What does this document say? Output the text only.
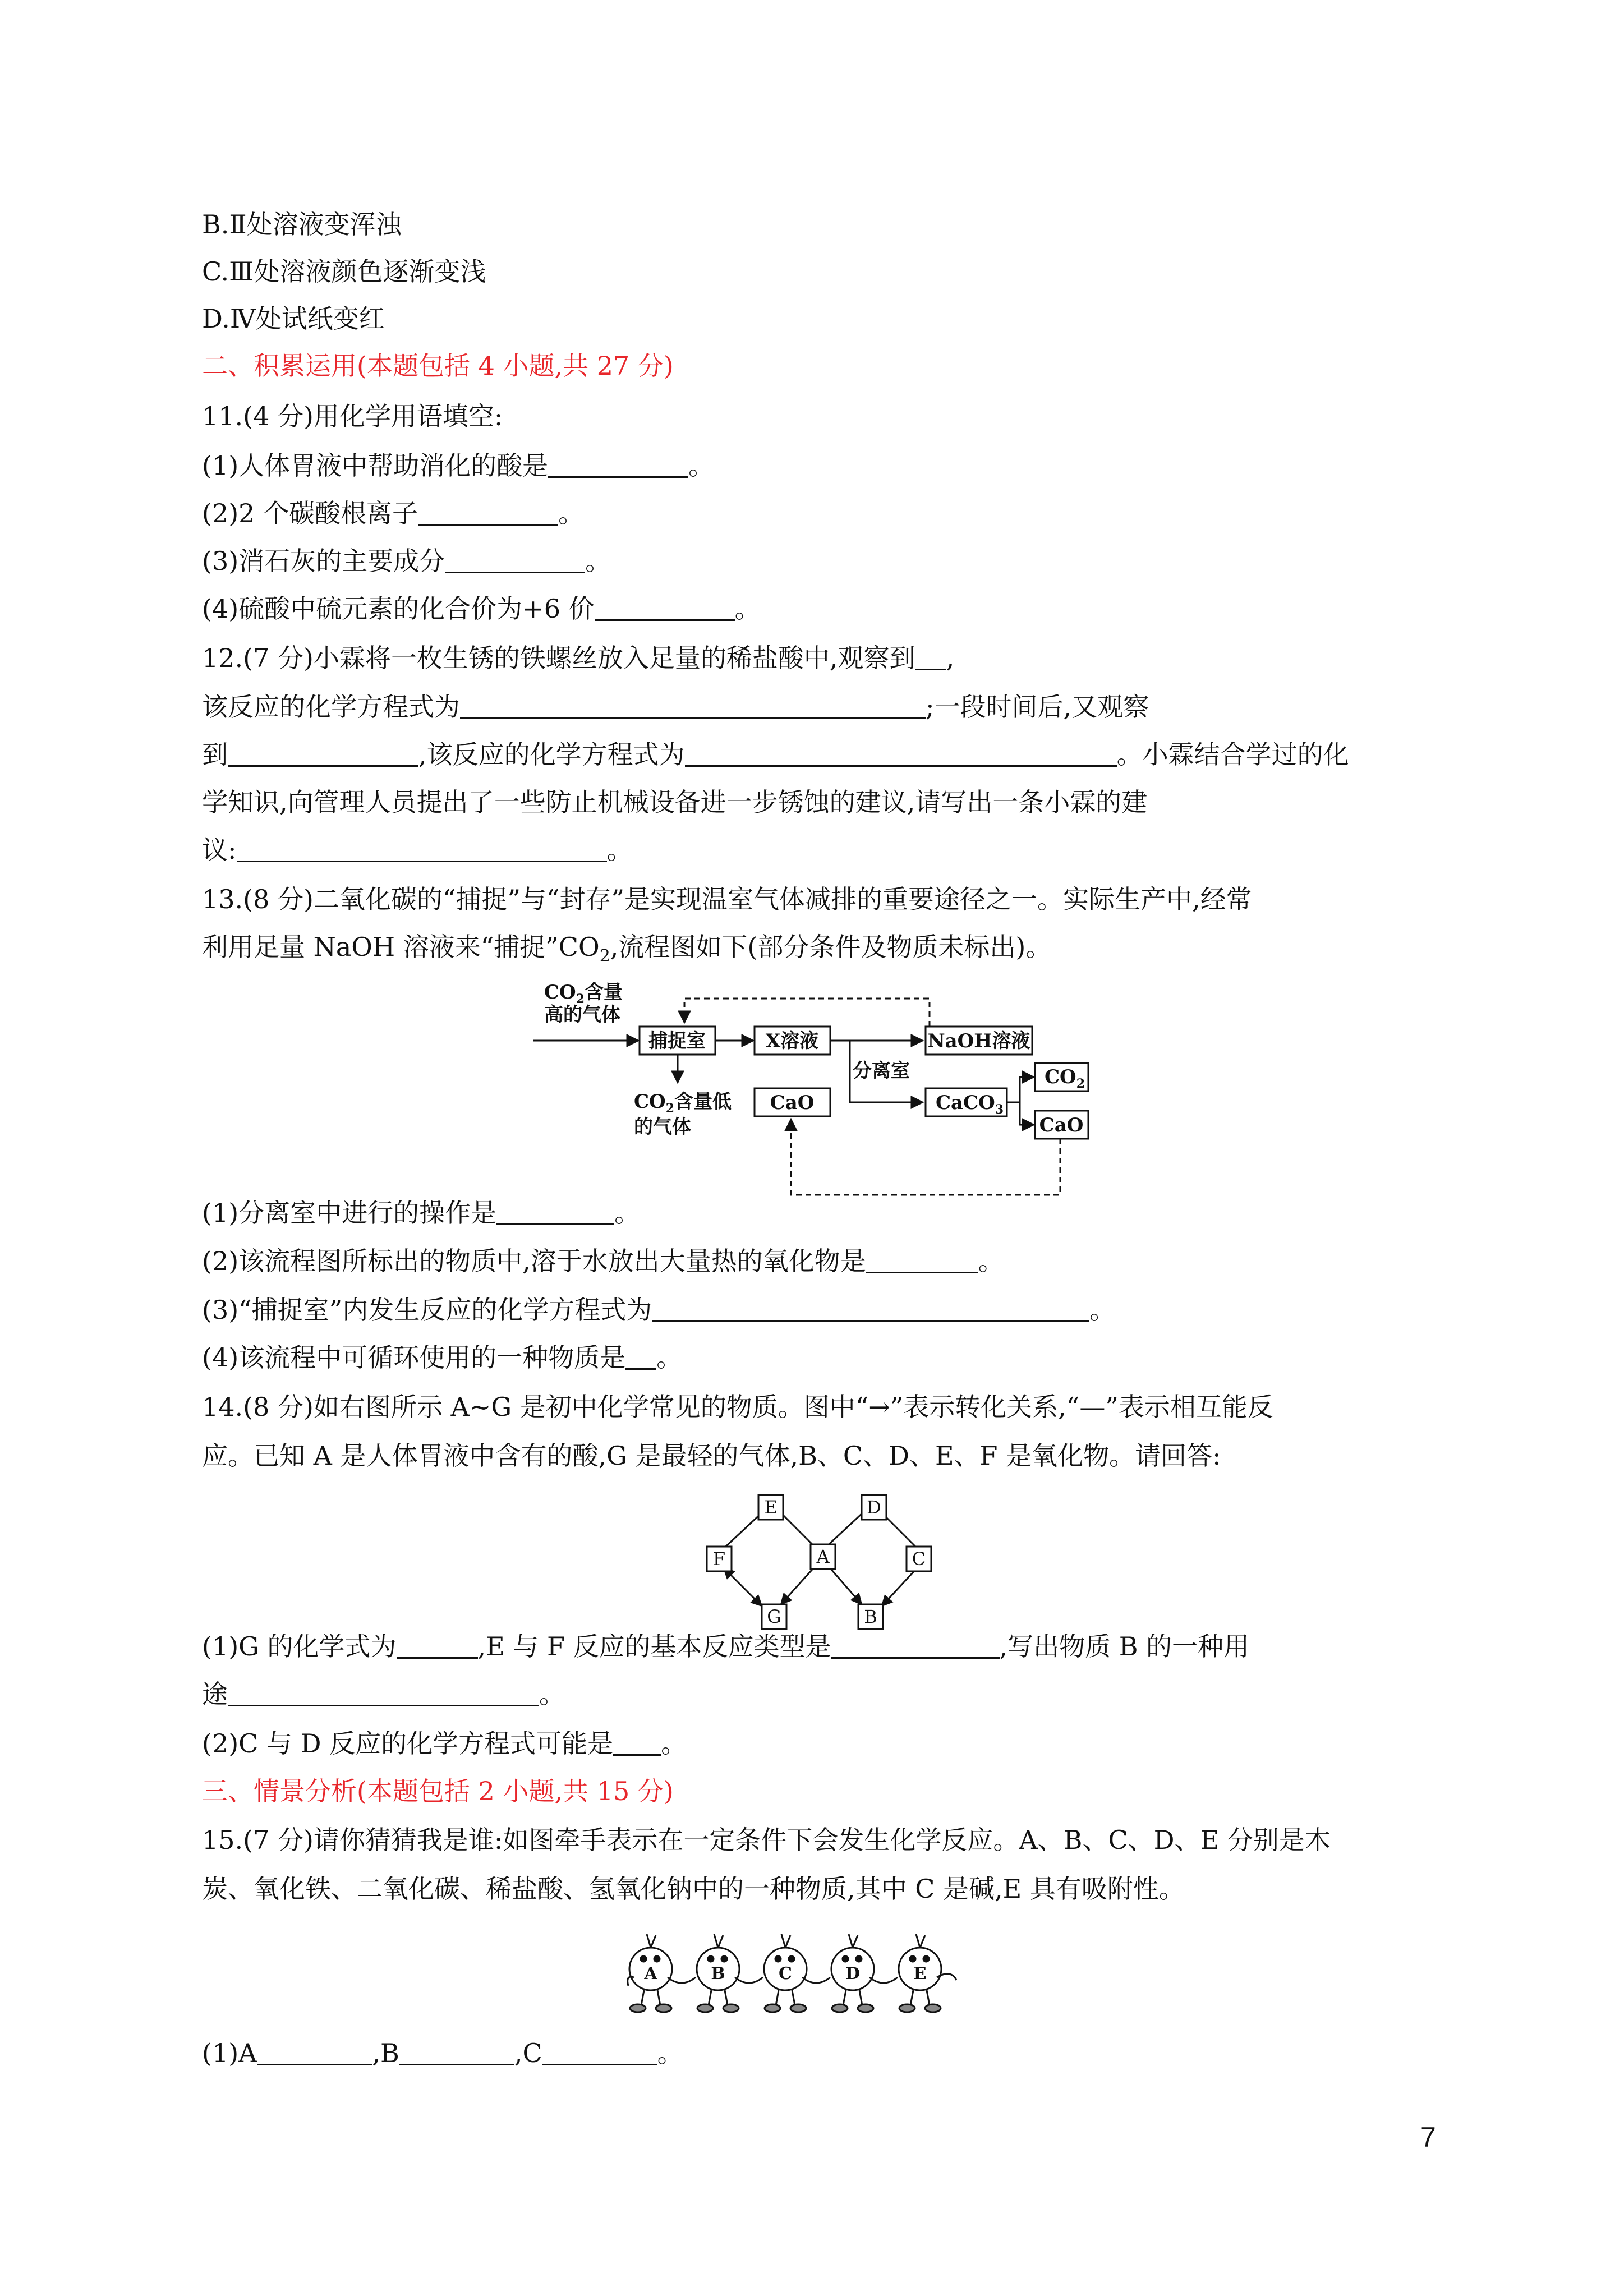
B.Ⅱ处溶液变浑浊
C.Ⅲ处溶液颜色逐渐变浅
D.Ⅳ处试纸变红
二、积累运用(本题包括 4 小题,共 27 分)
11.(4 分)用化学用语填空:
(1)人体胃液中帮助消化的酸是	。
(2)2 个碳酸根离子	。
(3)消石灰的主要成分	。
(4)硫酸中硫元素的化合价为+6 价	。
12.(7 分)小霖将一枚生锈的铁螺丝放入足量的稀盐酸中,观察到 ,
该反应的化学方程式为	;一段时间后,又观察
到	,该反应的化学方程式为	。小霖结合学过的化
学知识,向管理人员提出了一些防止机械设备进一步锈蚀的建议,请写出一条小霖的建
议:	。
13.(8 分)二氧化碳的“捕捉”与“封存”是实现温室气体减排的重要途径之一。实际生产中,经常
利用足量 NaOH 溶液来“捕捉$”CO_2$,流程图如下(部分条件及物质未标出)。
$CO_2$含量
高的气体
捕捉室	X溶液
分离室
NaOH溶液
CaO	CaCO$_3$
$CO_2$
CaO
$CO_2$含量低
的气体
(1)分离室中进行的操作是	。
(2)该流程图所标出的物质中,溶于水放出大量热的氧化物是	。
(3)“捕捉室”内发生反应的化学方程式为	。
(4)该流程中可循环使用的一种物质是 。
14.(8 分)如右图所示 A~G 是初中化学常见的物质。图中“→”表示转化关系,“—”表示相互能反
应。已知 A 是人体胃液中含有的酸,G 是最轻的气体,B、C、D、E、F 是氧化物。请回答:
E	D
F	A	C
G	B
(1)G 的化学式为	,E 与 F 反应的基本反应类型是	,写出物质 B 的一种用
途	。
(2)C 与 D 反应的化学方程式可能是 。
三、情景分析(本题包括 2 小题,共 15 分)
15.(7 分)请你猜猜我是谁:如图牵手表示在一定条件下会发生化学反应。A、B、C、D、E 分别是木
炭、氧化铁、二氧化碳、稀盐酸、氢氧化钠中的一种物质,其中 C 是碱,E 具有吸附性。
A	B	C	D	E
(1)A	,B	,C	。
7
